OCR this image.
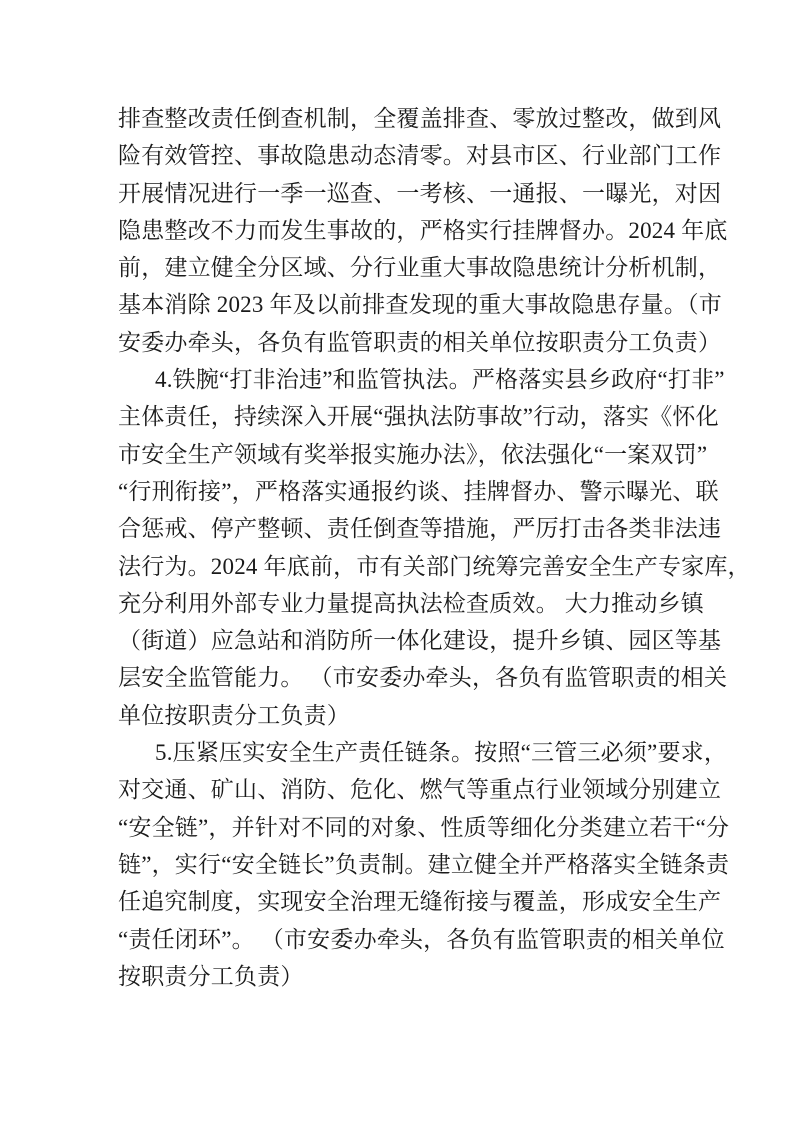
排查整改责任倒查机制，全覆盖排查、零放过整改，做到风
险有效管控、事故隐患动态清零。对县市区、行业部门工作
开展情况进行一季一巡查、一考核、一通报、一曝光，对因
隐患整改不力而发生事故的，严格实行挂牌督办。2024 年底
前，建立健全分区域、分行业重大事故隐患统计分析机制，
基本消除 2023 年及以前排查发现的重大事故隐患存量。（市
安委办牵头，各负有监管职责的相关单位按职责分工负责）
4.铁腕“打非治违”和监管执法。严格落实县乡政府“打非”
主体责任，持续深入开展“强执法防事故”行动，落实《怀化
市安全生产领域有奖举报实施办法》，依法强化“一案双罚”
“行刑衔接”，严格落实通报约谈、挂牌督办、警示曝光、联
合惩戒、停产整顿、责任倒查等措施，严厉打击各类非法违
法行为。2024 年底前，市有关部门统筹完善安全生产专家库，
充分利用外部专业力量提高执法检查质效。 大力推动乡镇
（街道）应急站和消防所一体化建设，提升乡镇、园区等基
层安全监管能力。 （市安委办牵头，各负有监管职责的相关
单位按职责分工负责）
5.压紧压实安全生产责任链条。按照“三管三必须”要求，
对交通、矿山、消防、危化、燃气等重点行业领域分别建立
“安全链”，并针对不同的对象、性质等细化分类建立若干“分
链”，实行“安全链长”负责制。建立健全并严格落实全链条责
任追究制度，实现安全治理无缝衔接与覆盖，形成安全生产
“责任闭环”。 （市安委办牵头，各负有监管职责的相关单位
按职责分工负责）
